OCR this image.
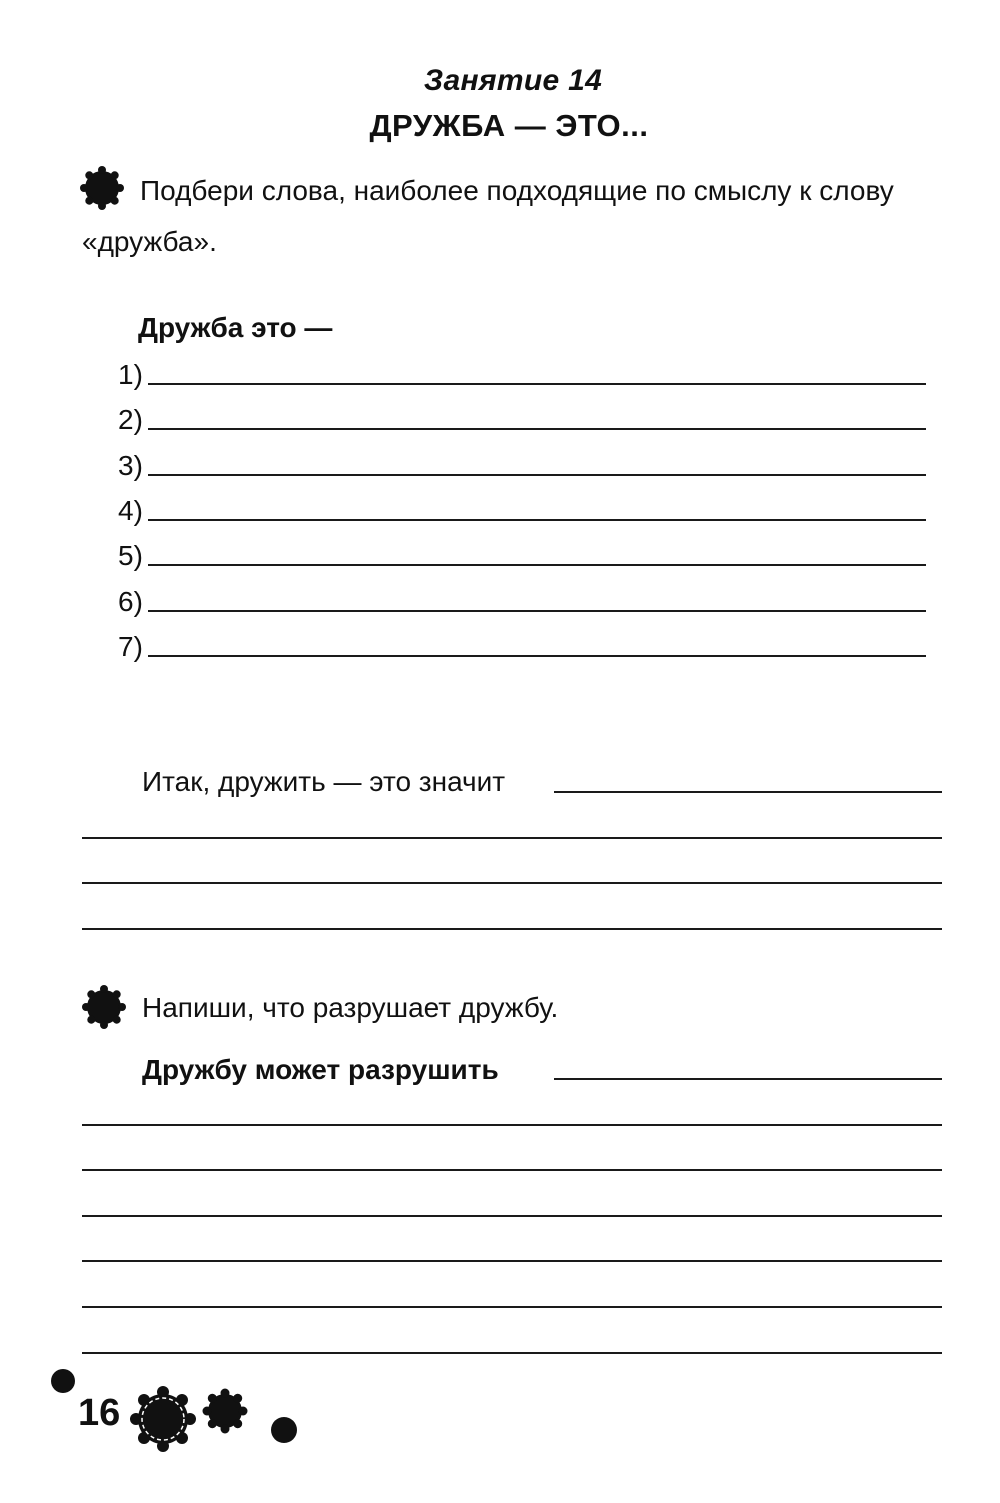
Занятие 14
ДРУЖБА — ЭТО...
Подбери слова, наиболее подходящие по смыслу к слову
«дружба».
Дружба это —
1)
2)
3)
4)
5)
6)
7)
Итак, дружить — это значит
Напиши, что разрушает дружбу.
Дружбу может разрушить
16
